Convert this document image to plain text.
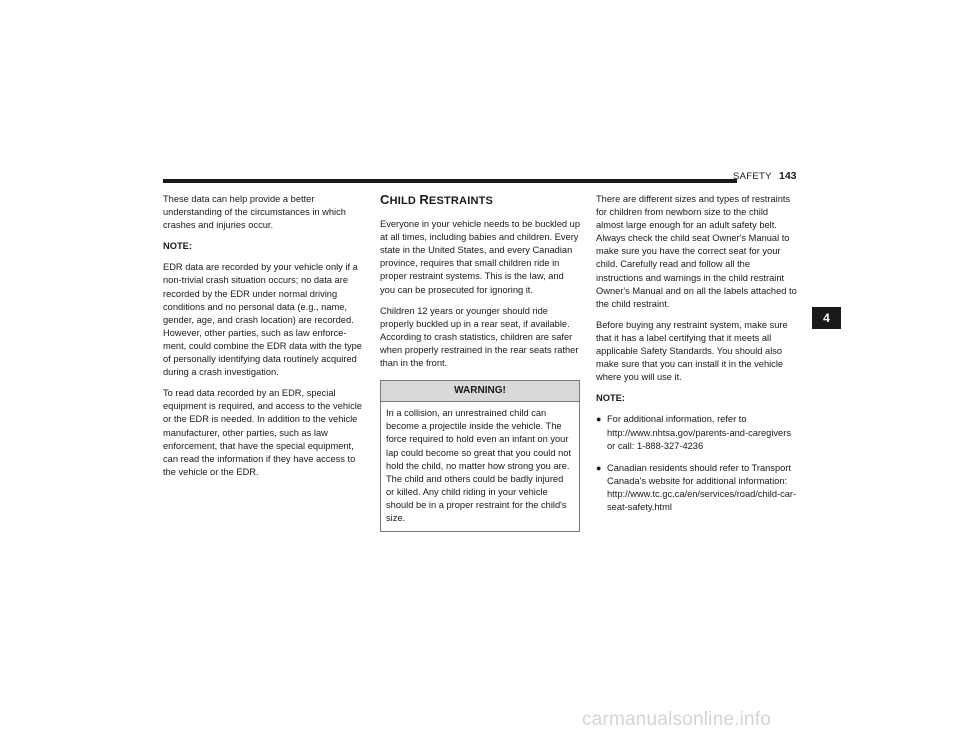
SAFETY 143

These data can help provide a better understanding of the circumstances in which crashes and injuries occur.

NOTE:

EDR data are recorded by your vehicle only if a non-trivial crash situation occurs; no data are recorded by the EDR under normal driving conditions and no personal data (e.g., name, gender, age, and crash location) are recorded. However, other parties, such as law enforce-ment, could combine the EDR data with the type of personally identifying data routinely acquired during a crash investigation.

To read data recorded by an EDR, special equipment is required, and access to the vehicle or the EDR is needed. In addition to the vehicle manufacturer, other parties, such as law enforcement, that have the special equipment, can read the information if they have access to the vehicle or the EDR.

CHILD RESTRAINTS

Everyone in your vehicle needs to be buckled up at all times, including babies and children. Every state in the United States, and every Canadian province, requires that small children ride in proper restraint systems. This is the law, and you can be prosecuted for ignoring it.

Children 12 years or younger should ride properly buckled up in a rear seat, if available. According to crash statistics, children are safer when properly restrained in the rear seats rather than in the front.

WARNING!
In a collision, an unrestrained child can become a projectile inside the vehicle. The force required to hold even an infant on your lap could become so great that you could not hold the child, no matter how strong you are. The child and others could be badly injured or killed. Any child riding in your vehicle should be in a proper restraint for the child's size.

There are different sizes and types of restraints for children from newborn size to the child almost large enough for an adult safety belt. Always check the child seat Owner's Manual to make sure you have the correct seat for your child. Carefully read and follow all the instructions and warnings in the child restraint Owner's Manual and on all the labels attached to the child restraint.

Before buying any restraint system, make sure that it has a label certifying that it meets all applicable Safety Standards. You should also make sure that you can install it in the vehicle where you will use it.

NOTE:

● For additional information, refer to http://www.nhtsa.gov/parents-and-caregivers or call: 1-888-327-4236
● Canadian residents should refer to Transport Canada's website for additional information: http://www.tc.gc.ca/en/services/road/child-car-seat-safety.html
4
carmanualsonline.info
